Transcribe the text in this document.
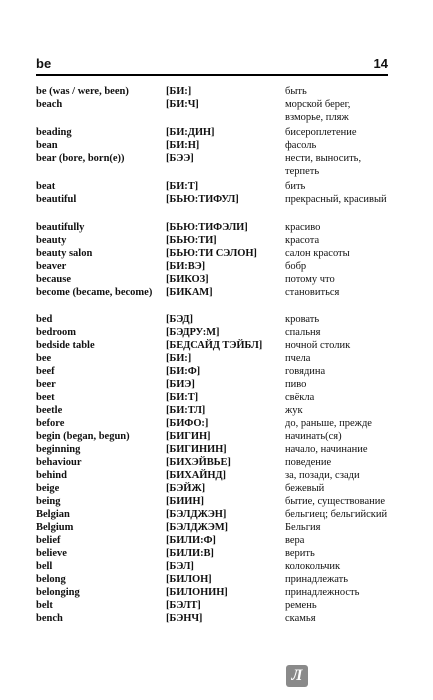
be	14
be (was / were, been)	[БИ:]	быть
beach	[БИ:Ч]	морской берег, взморье, пляж
beading	[БИ:ДИН]	бисероплетение
bean	[БИ:Н]	фасоль
bear (bore, born(e))	[БЭЭ]	нести, выносить, терпеть
beat	[БИ:Т]	бить
beautiful	[БЬЮ:ТИФУЛ]	прекрасный, красивый
beautifully	[БЬЮ:ТИФЭЛИ]	красиво
beauty	[БЬЮ:ТИ]	красота
beauty salon	[БЬЮ:ТИ СЭЛОН]	салон красоты
beaver	[БИ:ВЭ]	бобр
because	[БИКОЗ]	потому что
become (became, become)	[БИКАМ]	становиться
bed	[БЭД]	кровать
bedroom	[БЭДРУ:М]	спальня
bedside table	[БЕДСАЙД ТЭЙБЛ]	ночной столик
bee	[БИ:]	пчела
beef	[БИ:Ф]	говядина
beer	[БИЭ]	пиво
beet	[БИ:Т]	свёкла
beetle	[БИ:ТЛ]	жук
before	[БИФО:]	до, раньше, прежде
begin (began, begun)	[БИГИН]	начинать(ся)
beginning	[БИГИНИН]	начало, начинание
behaviour	[БИХЭЙВЬЕ]	поведение
behind	[БИХАЙНД]	за, позади, сзади
beige	[БЭЙЖ]	бежевый
being	[БИИН]	бытие, существование
Belgian	[БЭЛДЖЭН]	бельгиец; бельгийский
Belgium	[БЭЛДЖЭМ]	Бельгия
belief	[БИЛИ:Ф]	вера
believe	[БИЛИ:В]	верить
bell	[БЭЛ]	колокольчик
belong	[БИЛОН]	принадлежать
belonging	[БИЛОНИН]	принадлежность
belt	[БЭЛТ]	ремень
bench	[БЭНЧ]	скамья
Л
